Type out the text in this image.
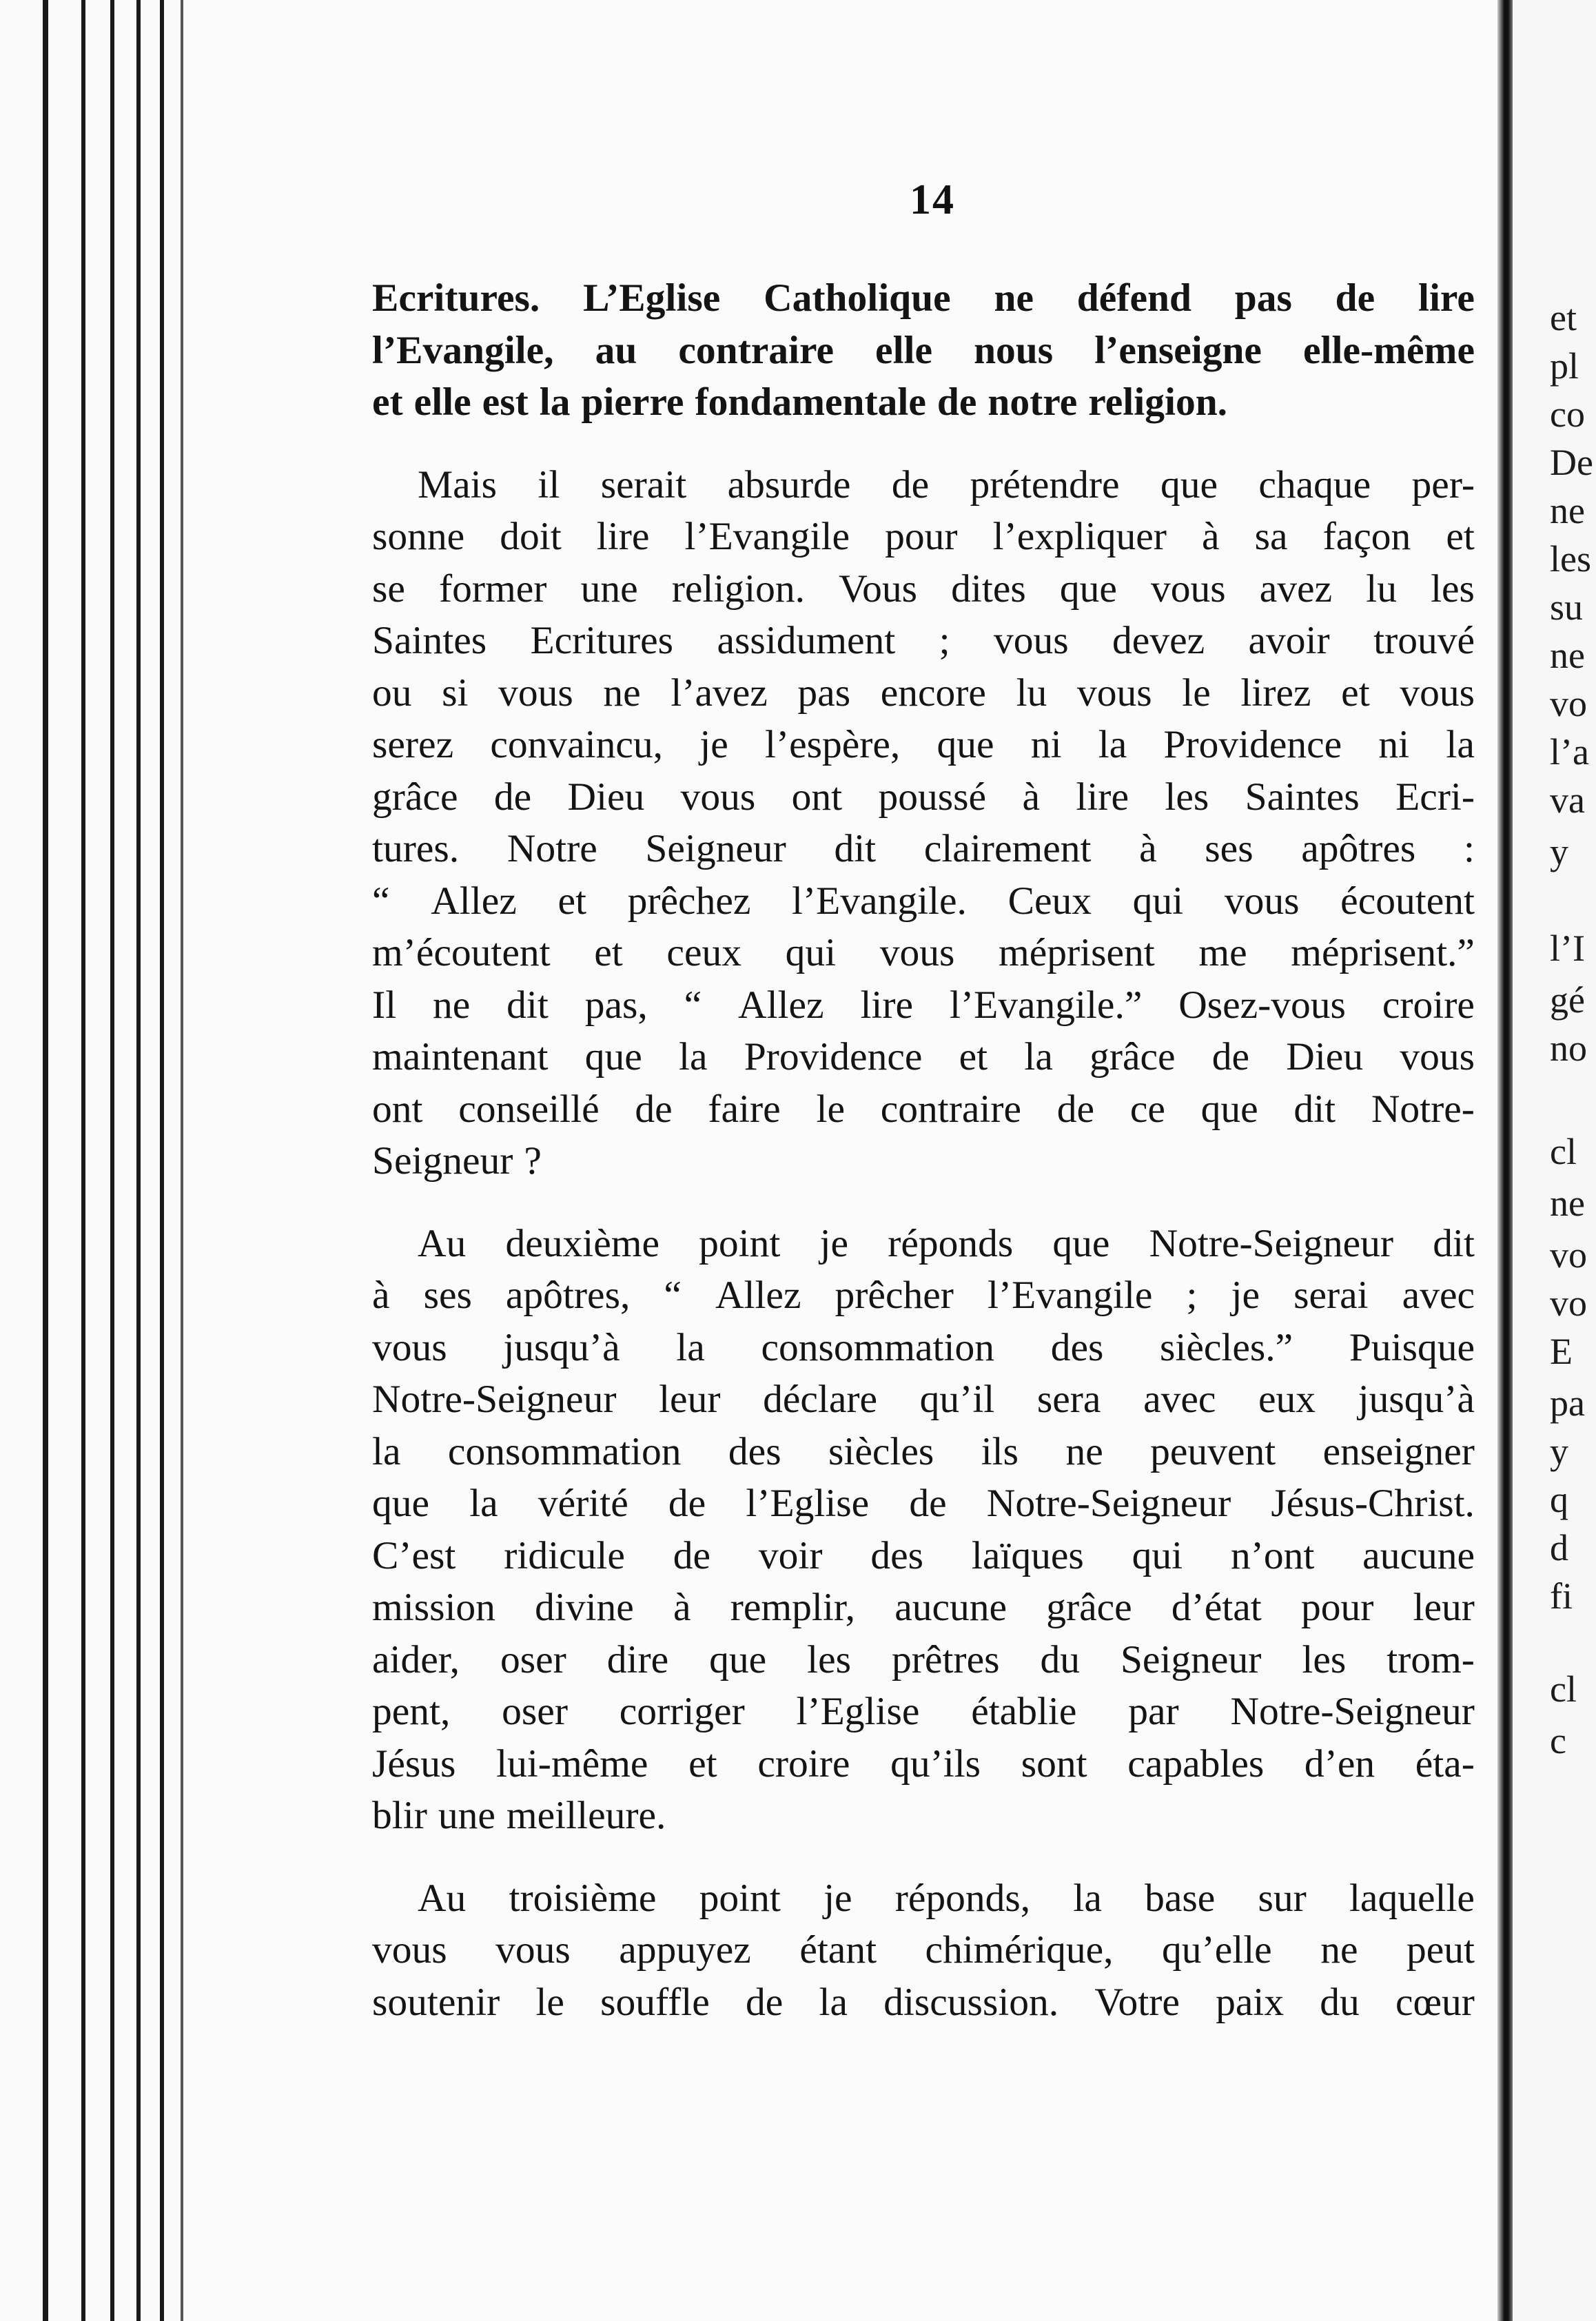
14
Ecritures. L’Eglise Catholique ne défend pas de lire
l’Evangile, au contraire elle nous l’enseigne elle-même
et elle est la pierre fondamentale de notre religion.
Mais il serait absurde de prétendre que chaque per-
sonne doit lire l’Evangile pour l’expliquer à sa façon et
se former une religion. Vous dites que vous avez lu les
Saintes Ecritures assidument ; vous devez avoir trouvé
ou si vous ne l’avez pas encore lu vous le lirez et vous
serez convaincu, je l’espère, que ni la Providence ni la
grâce de Dieu vous ont poussé à lire les Saintes Ecri-
tures. Notre Seigneur dit clairement à ses apôtres :
“ Allez et prêchez l’Evangile. Ceux qui vous écoutent
m’écoutent et ceux qui vous méprisent me méprisent.”
Il ne dit pas, “ Allez lire l’Evangile.” Osez-vous croire
maintenant que la Providence et la grâce de Dieu vous
ont conseillé de faire le contraire de ce que dit Notre-
Seigneur ?
Au deuxième point je réponds que Notre-Seigneur dit
à ses apôtres, “ Allez prêcher l’Evangile ; je serai avec
vous jusqu’à la consommation des siècles.” Puisque
Notre-Seigneur leur déclare qu’il sera avec eux jusqu’à
la consommation des siècles ils ne peuvent enseigner
que la vérité de l’Eglise de Notre-Seigneur Jésus-Christ.
C’est ridicule de voir des laïques qui n’ont aucune
mission divine à remplir, aucune grâce d’état pour leur
aider, oser dire que les prêtres du Seigneur les trom-
pent, oser corriger l’Eglise établie par Notre-Seigneur
Jésus lui-même et croire qu’ils sont capables d’en éta-
blir une meilleure.
Au troisième point je réponds, la base sur laquelle
vous vous appuyez étant chimérique, qu’elle ne peut
soutenir le souffle de la discussion. Votre paix du cœur
et
pl
co
De
ne
les
su
ne
vo
l’a
va
y
l’I
gé
no
cl
ne
vo
vo
E
pa
y
q
d
fi
cl
c
